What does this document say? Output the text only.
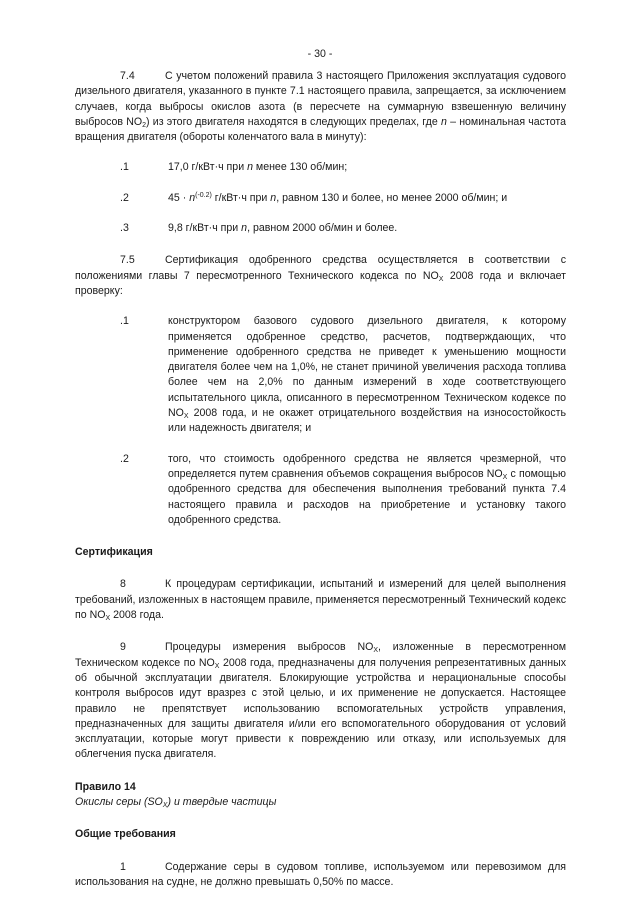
- 30 -

7.4	С учетом положений правила 3 настоящего Приложения эксплуатация судового дизельного двигателя, указанного в пункте 7.1 настоящего правила, запрещается, за исключением случаев, когда выбросы окислов азота (в пересчете на суммарную взвешенную величину выбросов $NO_2$) из этого двигателя находятся в следующих пределах, где n – номинальная частота вращения двигателя (обороты коленчатого вала в минуту):

.1	17,0 г/кВт·ч при n менее 130 об/мин;
.2	$45 \cdot n^{(-0.2)}$ г/кВт·ч при n, равном 130 и более, но менее 2000 об/мин; и
.3	9,8 г/кВт·ч при n, равном 2000 об/мин и более.

7.5	Сертификация одобренного средства осуществляется в соответствии с положениями главы 7 пересмотренного Технического кодекса по $NO_X$ 2008 года и включает проверку:

.1	конструктором базового судового дизельного двигателя, к которому применяется одобренное средство, расчетов, подтверждающих, что применение одобренного средства не приведет к уменьшению мощности двигателя более чем на 1,0%, не станет причиной увеличения расхода топлива более чем на 2,0% по данным измерений в ходе соответствующего испытательного цикла, описанного в пересмотренном Техническом кодексе по $NO_X$ 2008 года, и не окажет отрицательного воздействия на износостойкость или надежность двигателя; и
.2	того, что стоимость одобренного средства не является чрезмерной, что определяется путем сравнения объемов сокращения выбросов $NO_X$ с помощью одобренного средства для обеспечения выполнения требований пункта 7.4 настоящего правила и расходов на приобретение и установку такого одобренного средства.
Сертификация

8	К процедурам сертификации, испытаний и измерений для целей выполнения требований, изложенных в настоящем правиле, применяется пересмотренный Технический кодекс по $NO_X$ 2008 года.

9	Процедуры измерения выбросов $NO_X$, изложенные в пересмотренном Техническом кодексе по $NO_X$ 2008 года, предназначены для получения репрезентативных данных об обычной эксплуатации двигателя. Блокирующие устройства и нерациональные способы контроля выбросов идут вразрез с этой целью, и их применение не допускается. Настоящее правило не препятствует использованию вспомогательных устройств управления, предназначенных для защиты двигателя и/или его вспомогательного оборудования от условий эксплуатации, которые могут привести к повреждению или отказу, или используемых для облегчения пуска двигателя.

Правило 14

Окислы серы $(SO_X)$ и твердые частицы

Общие требования

1	Содержание серы в судовом топливе, используемом или перевозимом для использования на судне, не должно превышать 0,50% по массе.
